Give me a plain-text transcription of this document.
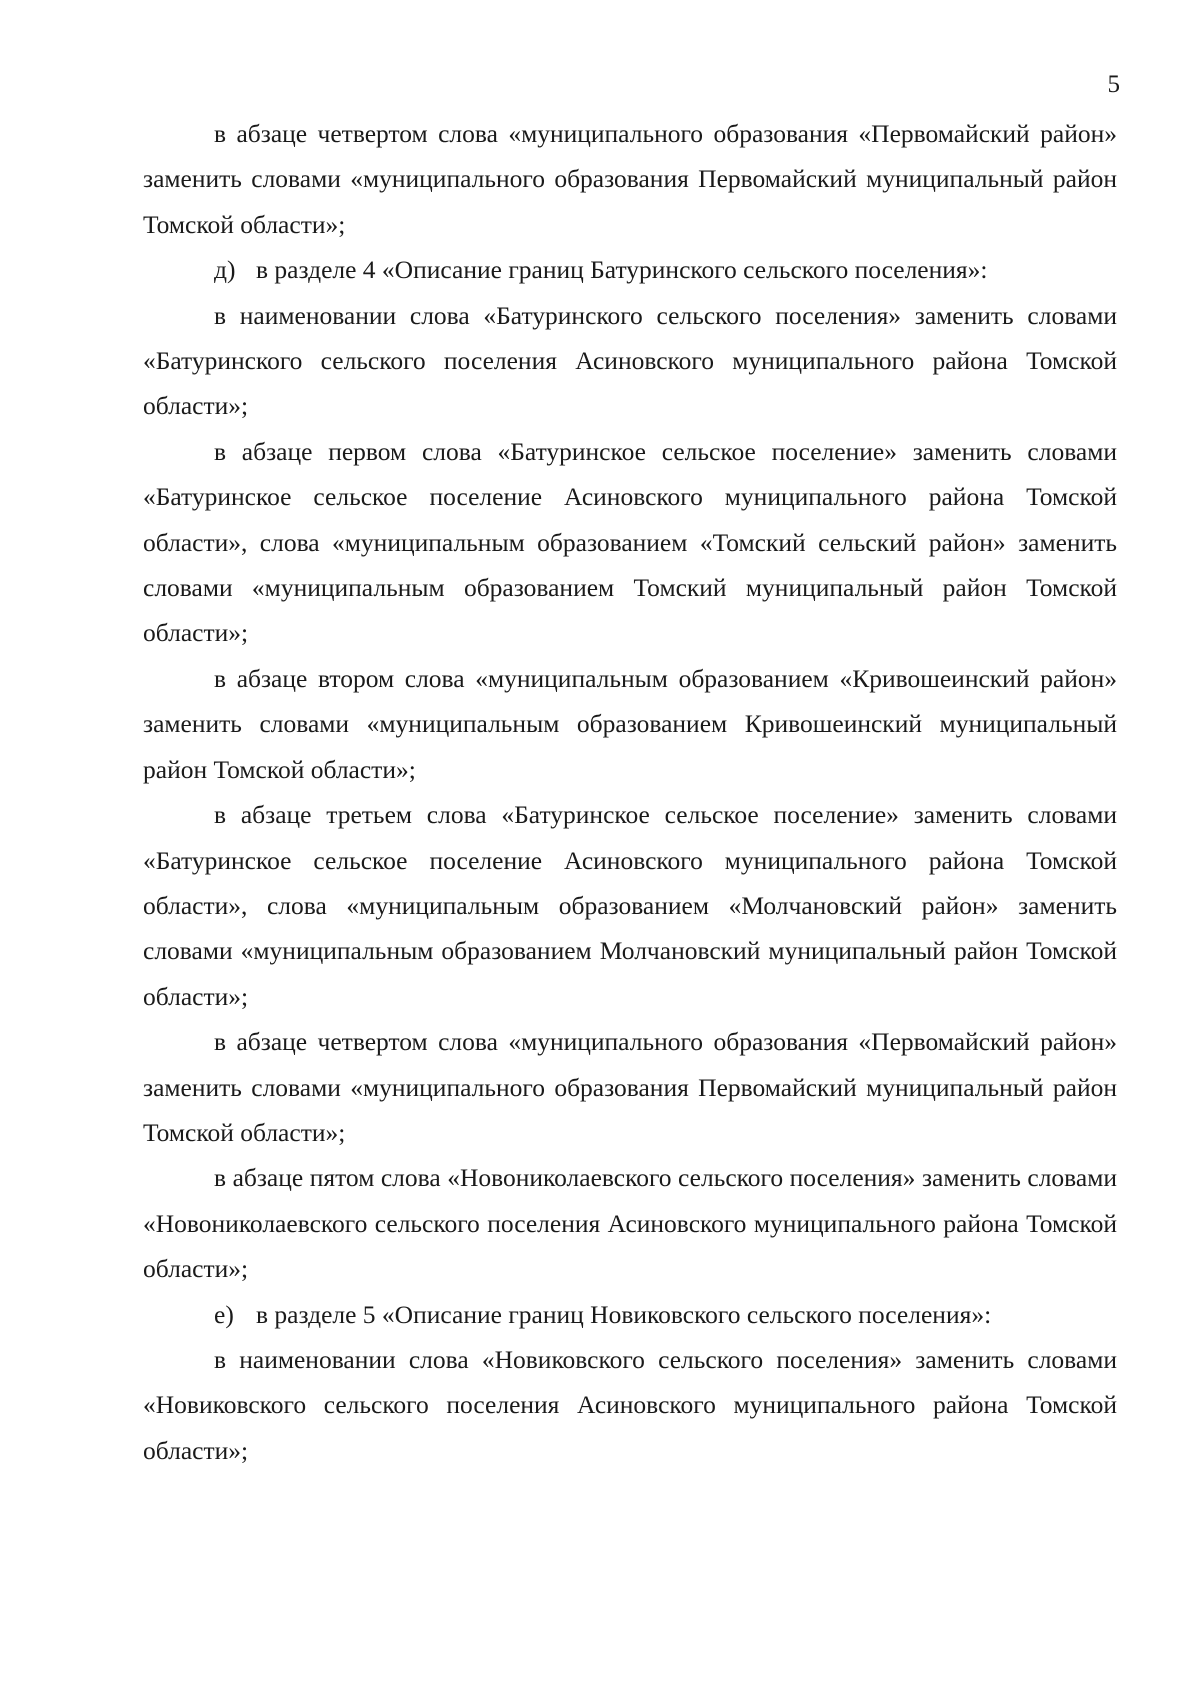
5

в абзаце четвертом слова «муниципального образования «Первомайский район» заменить словами «муниципального образования Первомайский муниципальный район Томской области»;

д) в разделе 4 «Описание границ Батуринского сельского поселения»:

в наименовании слова «Батуринского сельского поселения» заменить словами «Батуринского сельского поселения Асиновского муниципального района Томской области»;

в абзаце первом слова «Батуринское сельское поселение» заменить словами «Батуринское сельское поселение Асиновского муниципального района Томской области», слова «муниципальным образованием «Томский сельский район» заменить словами «муниципальным образованием Томский муниципальный район Томской области»;

в абзаце втором слова «муниципальным образованием «Кривошеинский район» заменить словами «муниципальным образованием Кривошеинский муниципальный район Томской области»;

в абзаце третьем слова «Батуринское сельское поселение» заменить словами «Батуринское сельское поселение Асиновского муниципального района Томской области», слова «муниципальным образованием «Молчановский район» заменить словами «муниципальным образованием Молчановский муниципальный район Томской области»;

в абзаце четвертом слова «муниципального образования «Первомайский район» заменить словами «муниципального образования Первомайский муниципальный район Томской области»;

в абзаце пятом слова «Новониколаевского сельского поселения» заменить словами «Новониколаевского сельского поселения Асиновского муниципального района Томской области»;

е) в разделе 5 «Описание границ Новиковского сельского поселения»:

в наименовании слова «Новиковского сельского поселения» заменить словами «Новиковского сельского поселения Асиновского муниципального района Томской области»;
